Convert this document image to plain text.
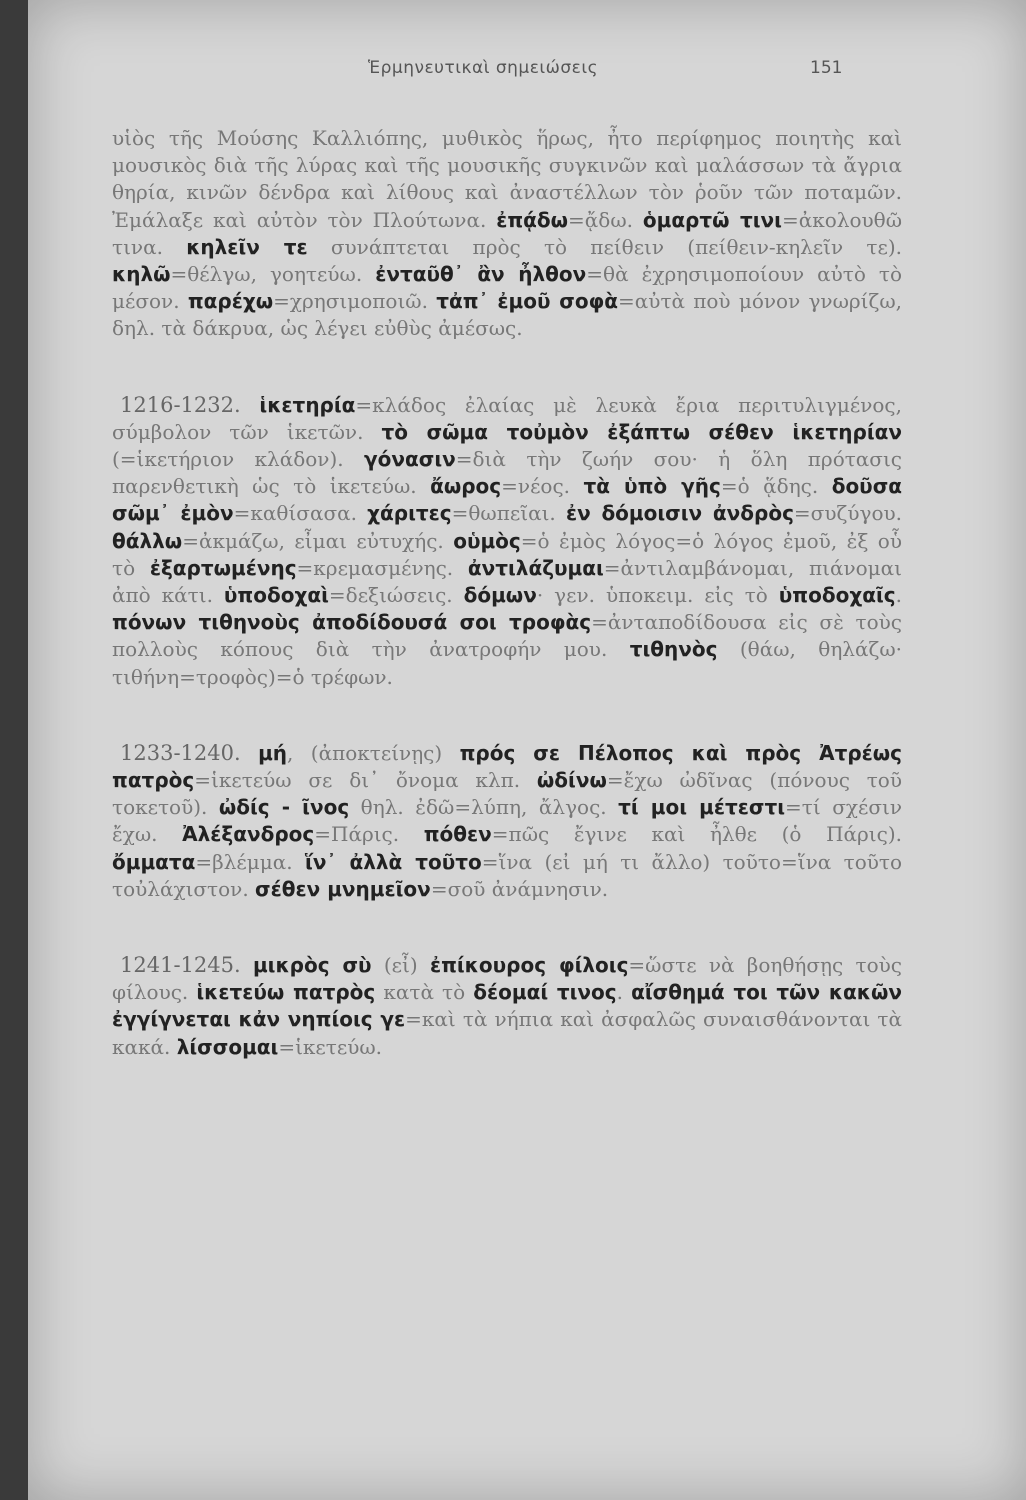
Ἑρμηνευτικαὶ σημειώσεις	151

υἱὸς τῆς Μούσης Καλλιόπης, μυθικὸς ἥρως, ἦτο περίφημος ποιητὴς καὶ μουσικὸς διὰ τῆς λύρας καὶ τῆς μουσικῆς συγκινῶν καὶ μαλάσσων τὰ ἄγρια θηρία, κινῶν δένδρα καὶ λίθους καὶ ἀναστέλλων τὸν ῥοῦν τῶν ποταμῶν. Ἐμάλαξε καὶ αὐτὸν τὸν Πλούτωνα. ἐπᾴδω=ᾄδω. ὁμαρτῶ τινι=ἀκολουθῶ τινα. κηλεῖν τε συνάπτεται πρὸς τὸ πείθειν (πείθειν-κηλεῖν τε). κηλῶ=θέλγω, γοητεύω. ἐνταῦθ᾽ ἂν ἦλθον=θὰ ἐχρησιμοποίουν αὐτὸ τὸ μέσον. παρέχω=χρησιμοποιῶ. τἀπ᾽ ἐμοῦ σοφὰ=αὐτὰ ποὺ μόνον γνωρίζω, δηλ. τὰ δάκρυα, ὡς λέγει εὐθὺς ἀμέσως.

1216-1232. ἱκετηρία=κλάδος ἐλαίας μὲ λευκὰ ἔρια περιτυλιγμένος, σύμβολον τῶν ἱκετῶν. τὸ σῶμα τοὐμὸν ἐξάπτω σέθεν ἱκετηρίαν (=ἱκετήριον κλάδον). γόνασιν=διὰ τὴν ζωήν σου· ἡ ὅλη πρότασις παρενθετικὴ ὡς τὸ ἱκετεύω. ἄωρος=νέος. τὰ ὑπὸ γῆς=ὁ ᾅδης. δοῦσα σῶμ᾽ ἐμὸν=καθίσασα. χάριτες=θωπεῖαι. ἐν δόμοισιν ἀνδρὸς=συζύγου. θάλλω=ἀκμάζω, εἶμαι εὐτυχής. οὑμὸς=ὁ ἐμὸς λόγος=ὁ λόγος ἐμοῦ, ἐξ οὗ τὸ ἐξαρτωμένης=κρεμασμένης. ἀντιλάζυμαι=ἀντιλαμβάνομαι, πιάνομαι ἀπὸ κάτι. ὑποδοχαὶ=δεξιώσεις. δόμων· γεν. ὑποκειμ. εἰς τὸ ὑποδοχαῖς. πόνων τιθηνοὺς ἀποδίδουσά σοι τροφὰς=ἀνταποδίδουσα εἰς σὲ τοὺς πολλοὺς κόπους διὰ τὴν ἀνατροφήν μου. τιθηνὸς (θάω, θηλάζω· τιθήνη=τροφὸς)=ὁ τρέφων.

1233-1240. μή, (ἀποκτείνῃς) πρός σε Πέλοπος καὶ πρὸς Ἀτρέως πατρὸς=ἱκετεύω σε δι᾽ ὄνομα κλπ. ὠδίνω=ἔχω ὠδῖνας (πόνους τοῦ τοκετοῦ). ὠδίς - ῖνος θηλ. ἐδῶ=λύπη, ἄλγος. τί μοι μέτεστι=τί σχέσιν ἔχω. Ἀλέξανδρος=Πάρις. πόθεν=πῶς ἔγινε καὶ ἦλθε (ὁ Πάρις). ὄμματα=βλέμμα. ἵν᾽ ἀλλὰ τοῦτο=ἵνα (εἰ μή τι ἄλλο) τοῦτο=ἵνα τοῦτο τοὐλάχιστον. σέθεν μνημεῖον=σοῦ ἀνάμνησιν.

1241-1245. μικρὸς σὺ (εἶ) ἐπίκουρος φίλοις=ὥστε νὰ βοηθήσῃς τοὺς φίλους. ἱκετεύω πατρὸς κατὰ τὸ δέομαί τινος. αἴσθημά τοι τῶν κακῶν ἐγγίγνεται κἀν νηπίοις γε=καὶ τὰ νήπια καὶ ἀσφαλῶς συναισθάνονται τὰ κακά. λίσσομαι=ἱκετεύω.
